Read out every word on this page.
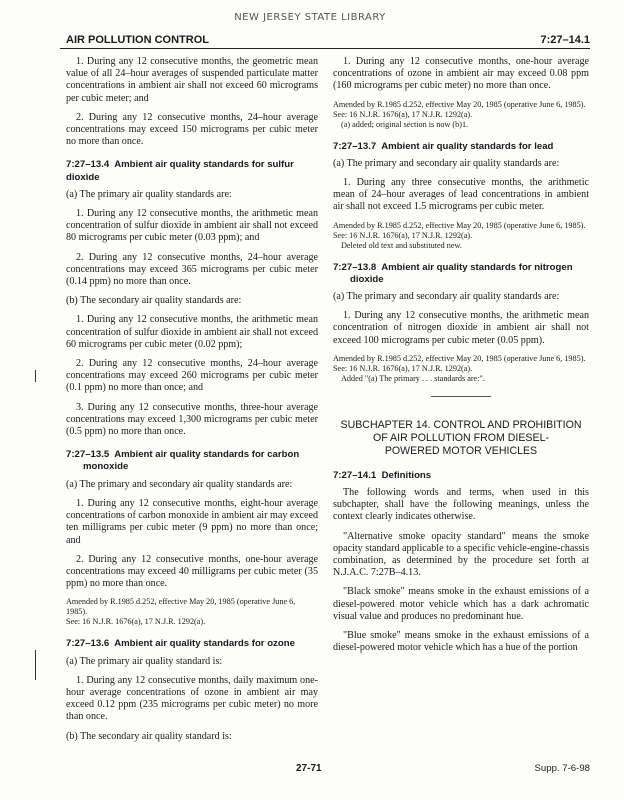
NEW JERSEY STATE LIBRARY
AIR POLLUTION CONTROL	7:27–14.1

1. During any 12 consecutive months, the geometric mean value of all 24–hour averages of suspended particulate matter concentrations in ambient air shall not exceed 60 micrograms per cubic meter; and

2. During any 12 consecutive months, 24–hour average concentrations may exceed 150 micrograms per cubic meter no more than once.

7:27–13.4 Ambient air quality standards for sulfur dioxide

(a) The primary air quality standards are:

1. During any 12 consecutive months, the arithmetic mean concentration of sulfur dioxide in ambient air shall not exceed 80 micrograms per cubic meter (0.03 ppm); and

2. During any 12 consecutive months, 24–hour average concentrations may exceed 365 micrograms per cubic meter (0.14 ppm) no more than once.

(b) The secondary air quality standards are:

1. During any 12 consecutive months, the arithmetic mean concentration of sulfur dioxide in ambient air shall not exceed 60 micrograms per cubic meter (0.02 ppm);

2. During any 12 consecutive months, 24–hour average concentrations may exceed 260 micrograms per cubic meter (0.1 ppm) no more than once; and

3. During any 12 consecutive months, three-hour average concentrations may exceed 1,300 micrograms per cubic meter (0.5 ppm) no more than once.

7:27–13.5 Ambient air quality standards for carbon monoxide

(a) The primary and secondary air quality standards are:

1. During any 12 consecutive months, eight-hour average concentrations of carbon monoxide in ambient air may exceed ten milligrams per cubic meter (9 ppm) no more than once; and

2. During any 12 consecutive months, one-hour average concentrations may exceed 40 milligrams per cubic meter (35 ppm) no more than once.

Amended by R.1985 d.252, effective May 20, 1985 (operative June 6, 1985).
See: 16 N.J.R. 1676(a), 17 N.J.R. 1292(a).
7:27–13.6 Ambient air quality standards for ozone

(a) The primary air quality standard is:

1. During any 12 consecutive months, daily maximum one-hour average concentrations of ozone in ambient air may exceed 0.12 ppm (235 micrograms per cubic meter) no more than once.

(b) The secondary air quality standard is:

1. During any 12 consecutive months, one-hour average concentrations of ozone in ambient air may exceed 0.08 ppm (160 micrograms per cubic meter) no more than once.

Amended by R.1985 d.252, effective May 20, 1985 (operative June 6, 1985).
See: 16 N.J.R. 1676(a), 17 N.J.R. 1292(a).
(a) added; original section is now (b)1.
7:27–13.7 Ambient air quality standards for lead

(a) The primary and secondary air quality standards are:

1. During any three consecutive months, the arithmetic mean of 24–hour averages of lead concentrations in ambient air shall not exceed 1.5 micrograms per cubic meter.

Amended by R.1985 d.252, effective May 20, 1985 (operative June 6, 1985).
See: 16 N.J.R. 1676(a), 17 N.J.R. 1292(a).
Deleted old text and substituted new.
7:27–13.8 Ambient air quality standards for nitrogen dioxide

(a) The primary and secondary air quality standards are:

1. During any 12 consecutive months, the arithmetic mean concentration of nitrogen dioxide in ambient air shall not exceed 100 micrograms per cubic meter (0.05 ppm).

Amended by R.1985 d.252, effective May 20, 1985 (operative June 6, 1985).
See: 16 N.J.R. 1676(a), 17 N.J.R. 1292(a).
Added "(a) The primary . . . standards are:".
SUBCHAPTER 14. CONTROL AND PROHIBITION
OF AIR POLLUTION FROM DIESEL-
POWERED MOTOR VEHICLES
7:27–14.1 Definitions

The following words and terms, when used in this subchapter, shall have the following meanings, unless the context clearly indicates otherwise.

"Alternative smoke opacity standard" means the smoke opacity standard applicable to a specific vehicle-engine-chassis combination, as determined by the procedure set forth at N.J.A.C. 7:27B–4.13.

"Black smoke" means smoke in the exhaust emissions of a diesel-powered motor vehicle which has a dark achromatic visual value and produces no predominant hue.

"Blue smoke" means smoke in the exhaust emissions of a diesel-powered motor vehicle which has a hue of the portion

27-71	Supp. 7-6-98
